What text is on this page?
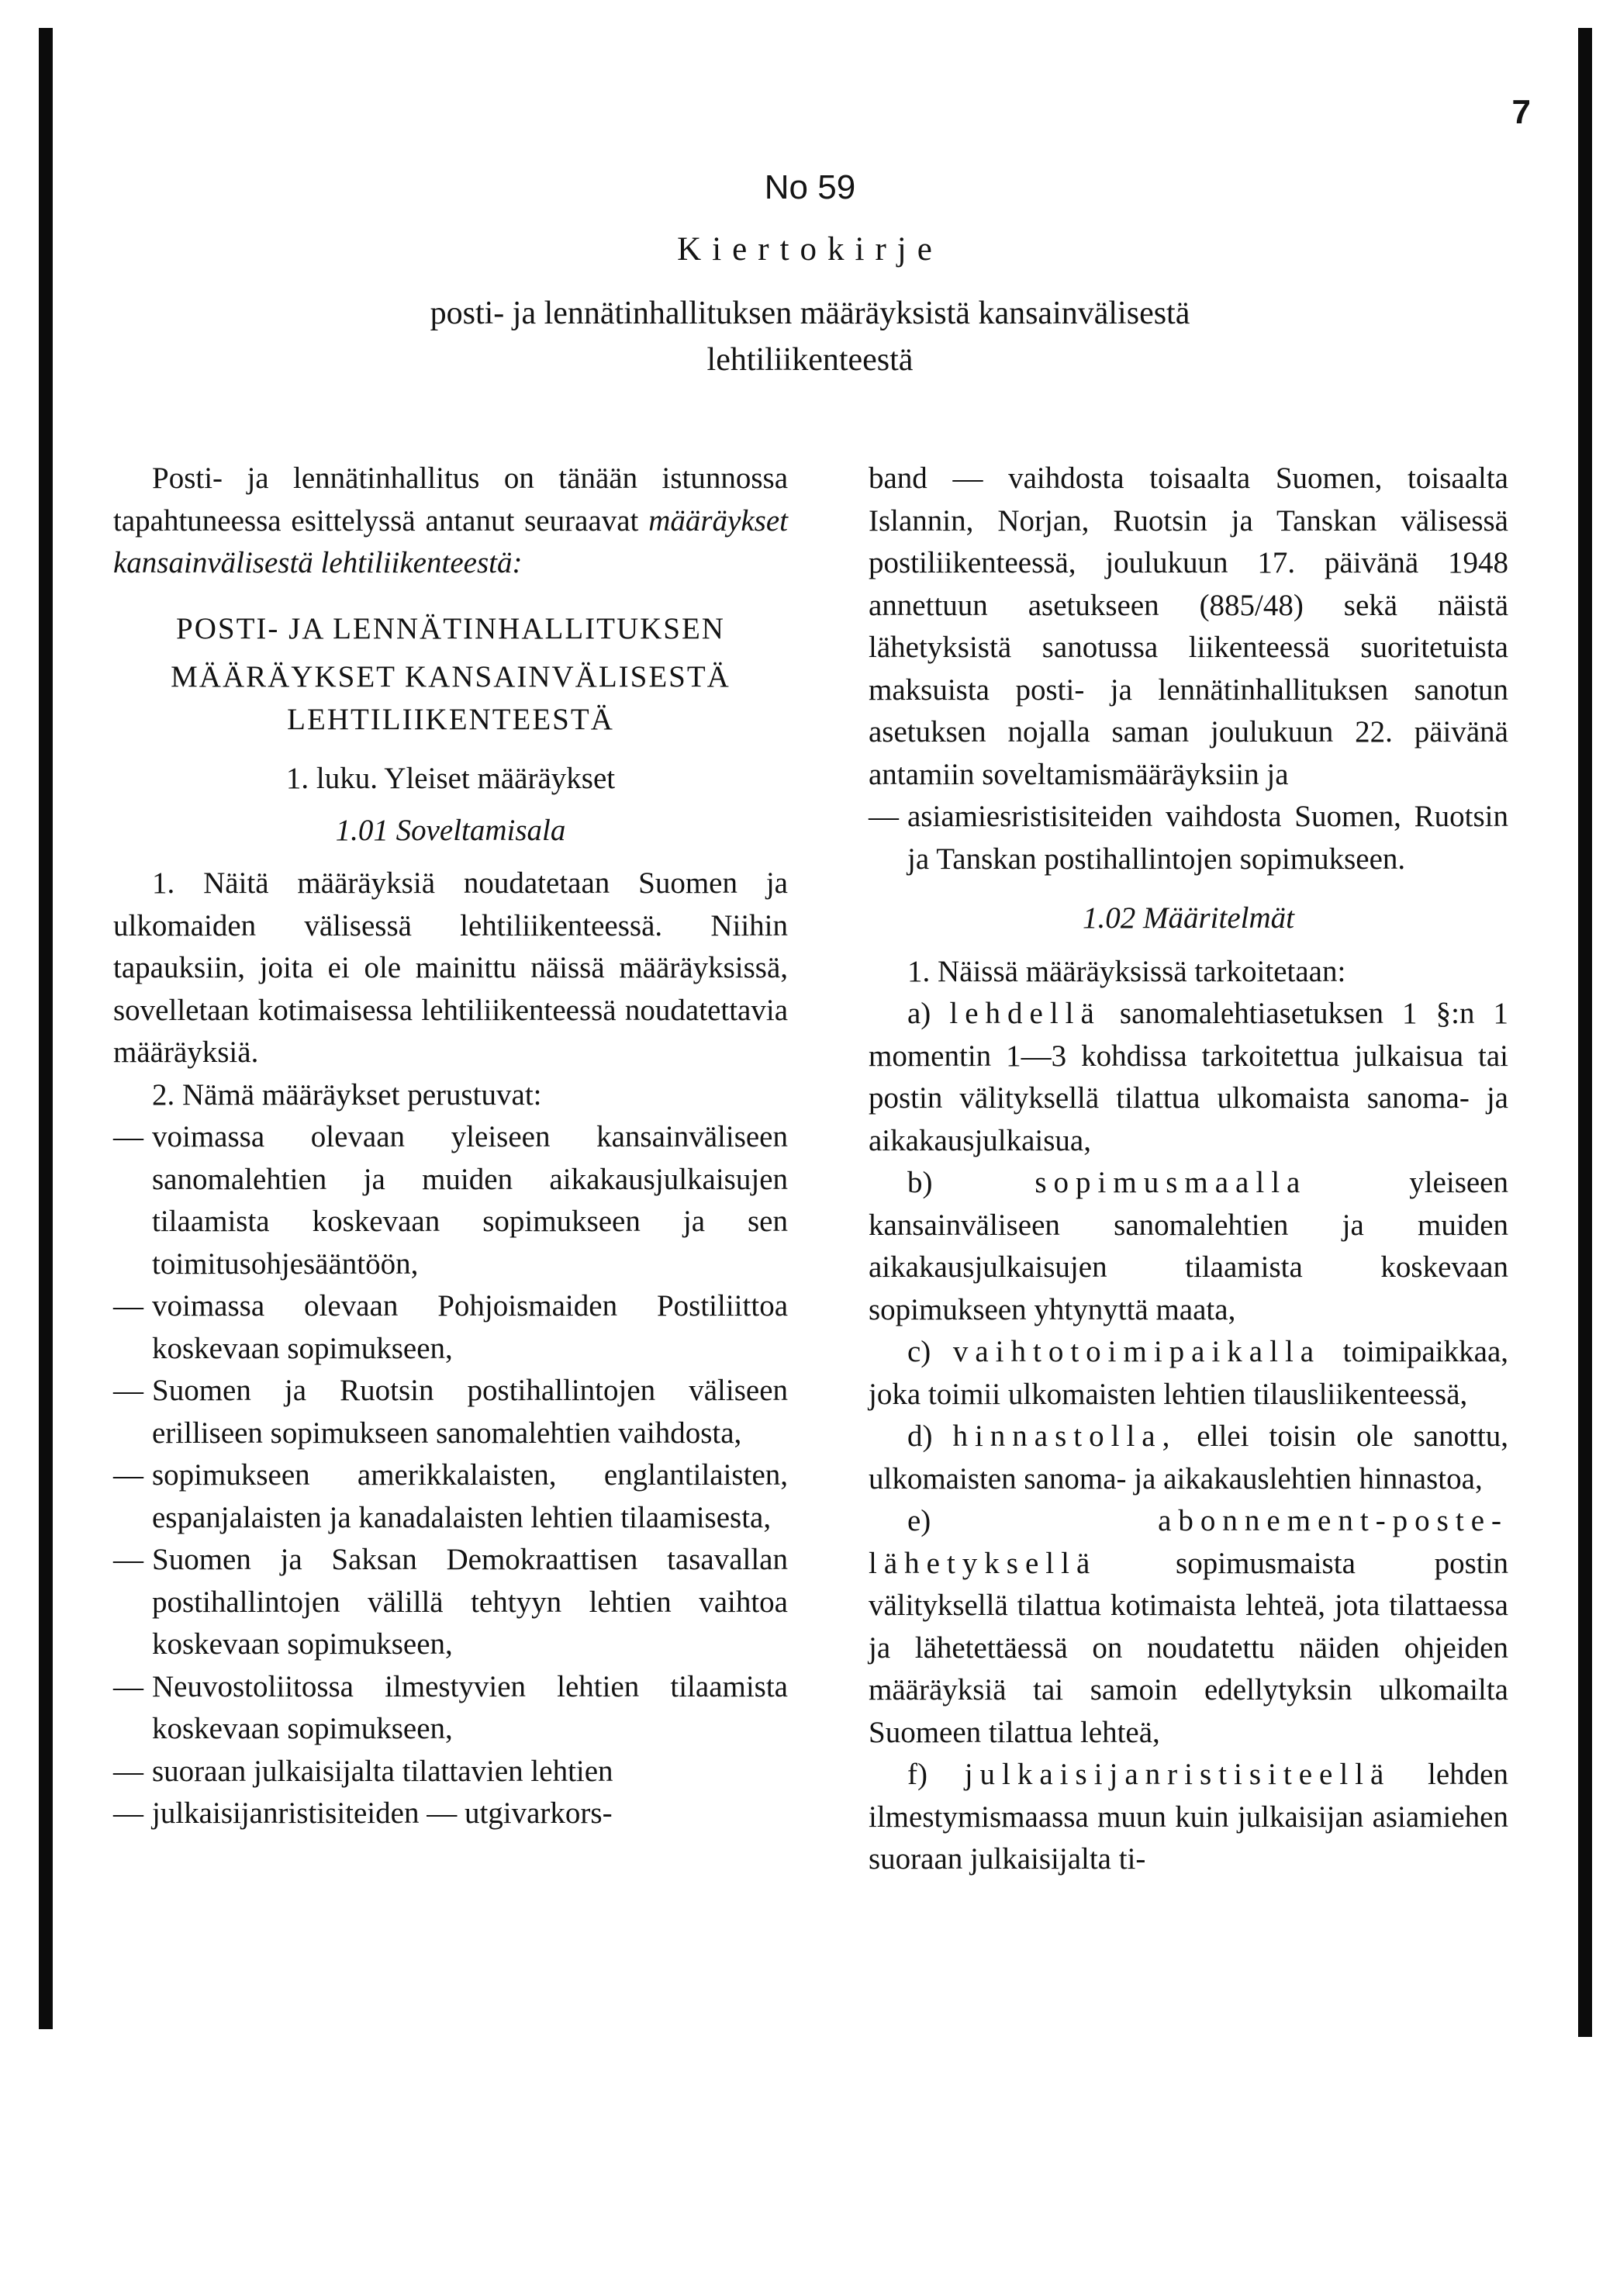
7
No 59
Kiertokirje
posti- ja lennätinhallituksen määräyksistä kansainvälisestä
lehtiliikenteestä

Posti- ja lennätinhallitus on tänään istunnossa tapahtuneessa esittelyssä antanut seuraavat määräykset kansainvälisestä lehtiliikenteestä:

POSTI- JA LENNÄTINHALLITUKSEN

MÄÄRÄYKSET KANSAINVÄLISESTÄ

LEHTILIIKENTEESTÄ

1. luku. Yleiset määräykset

1.01 Soveltamisala

1. Näitä määräyksiä noudatetaan Suomen ja ulkomaiden välisessä lehtiliikenteessä. Niihin tapauksiin, joita ei ole mainittu näissä määräyksissä, sovelletaan kotimaisessa lehtiliikenteessä noudatettavia määräyksiä.

2. Nämä määräykset perustuvat:

— voimassa olevaan yleiseen kansainväliseen sanomalehtien ja muiden aikakausjulkaisujen tilaamista koskevaan sopimukseen ja sen toimitusohjesääntöön,

— voimassa olevaan Pohjoismaiden Postiliittoa koskevaan sopimukseen,

— Suomen ja Ruotsin postihallintojen väliseen erilliseen sopimukseen sanomalehtien vaihdosta,

— sopimukseen amerikkalaisten, englantilaisten, espanjalaisten ja kanadalaisten lehtien tilaamisesta,

— Suomen ja Saksan Demokraattisen tasavallan postihallintojen välillä tehtyyn lehtien vaihtoa koskevaan sopimukseen,

— Neuvostoliitossa ilmestyvien lehtien tilaamista koskevaan sopimukseen,

— suoraan julkaisijalta tilattavien lehtien

— julkaisijanristisiteiden — utgivarkors-

band — vaihdosta toisaalta Suomen, toisaalta Islannin, Norjan, Ruotsin ja Tanskan välisessä postiliikenteessä, joulukuun 17. päivänä 1948 annettuun asetukseen (885/48) sekä näistä lähetyksistä sanotussa liikenteessä suoritetuista maksuista posti- ja lennätinhallituksen sanotun asetuksen nojalla saman joulukuun 22. päivänä antamiin soveltamismääräyksiin ja

— asiamiesristisiteiden vaihdosta Suomen, Ruotsin ja Tanskan postihallintojen sopimukseen.

1.02 Määritelmät

1. Näissä määräyksissä tarkoitetaan:

a) lehdellä sanomalehtiasetuksen 1 §:n 1 momentin 1—3 kohdissa tarkoitettua julkaisua tai postin välityksellä tilattua ulkomaista sanoma- ja aikakausjulkaisua,

b)	sopimusmaalla	yleiseen kansainväliseen sanomalehtien ja muiden aikakausjulkaisujen tilaamista koskevaan sopimukseen yhtynyttä maata,

c) vaihtotoimipaikalla toimipaikkaa, joka toimii ulkomaisten lehtien tilausliikenteessä,

d) hinnastolla, ellei toisin ole sanottu, ulkomaisten sanoma- ja aikakauslehtien hinnastoa,

e)	abonnement-poste-lähetyksellä	sopimusmaista postin välityksellä tilattua kotimaista lehteä, jota tilattaessa ja lähetettäessä on noudatettu näiden ohjeiden määräyksiä tai samoin edellytyksin ulkomailta Suomeen tilattua lehteä,

f) julkaisijanristisiteellä lehden ilmestymismaassa muun kuin julkaisijan asiamiehen suoraan julkaisijalta ti-
